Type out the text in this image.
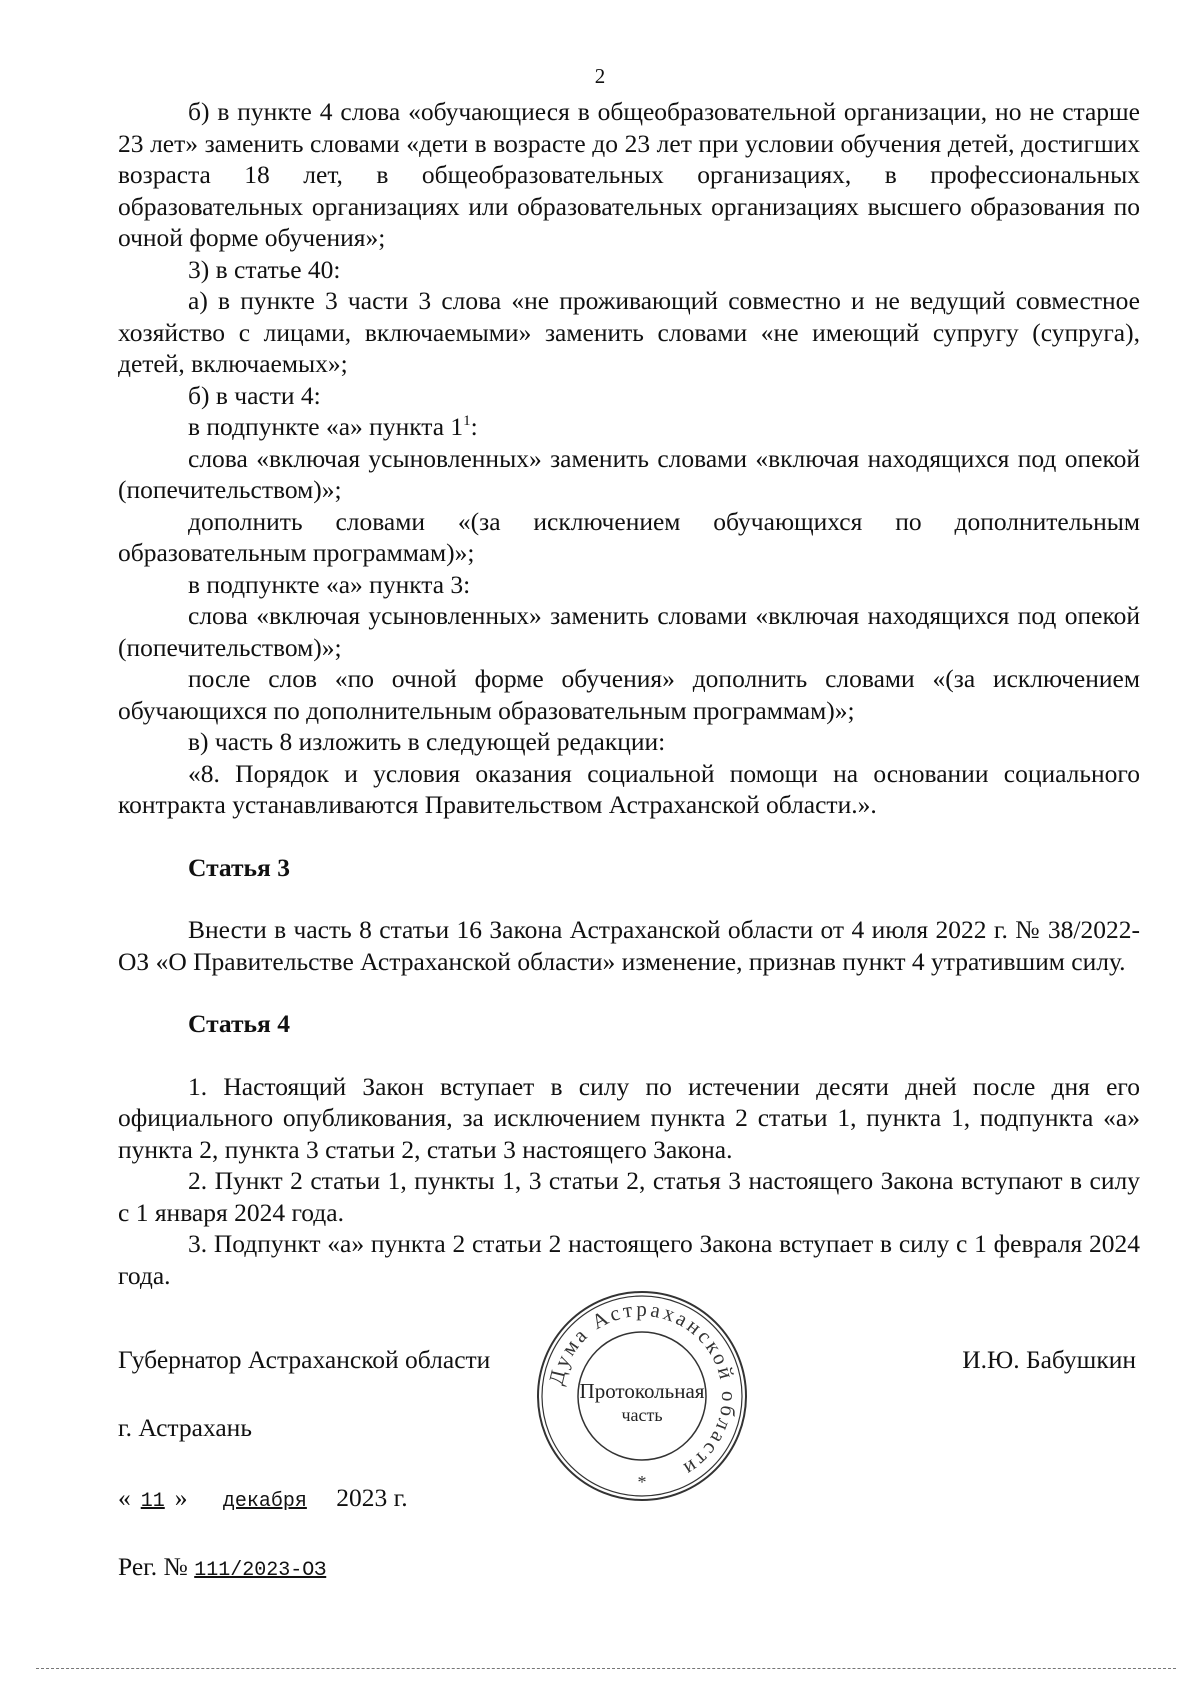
2

б) в пункте 4 слова «обучающиеся в общеобразовательной организации, но не старше 23 лет» заменить словами «дети в возрасте до 23 лет при условии обучения детей, достигших возраста 18 лет, в общеобразовательных организациях, в профессиональных образовательных организациях или образовательных организациях высшего образования по очной форме обучения»;

3) в статье 40:

а) в пункте 3 части 3 слова «не проживающий совместно и не ведущий совместное хозяйство с лицами, включаемыми» заменить словами «не имеющий супругу (супруга), детей, включаемых»;

б) в части 4:

в подпункте «а» пункта $1^1$:

слова «включая усыновленных» заменить словами «включая находящихся под опекой (попечительством)»;

дополнить словами «(за исключением обучающихся по дополнительным образовательным программам)»;

в подпункте «а» пункта 3:

слова «включая усыновленных» заменить словами «включая находящихся под опекой (попечительством)»;

после слов «по очной форме обучения» дополнить словами «(за исключением обучающихся по дополнительным образовательным программам)»;

в) часть 8 изложить в следующей редакции:

«8. Порядок и условия оказания социальной помощи на основании социального контракта устанавливаются Правительством Астраханской области.».

Статья 3

Внести в часть 8 статьи 16 Закона Астраханской области от 4 июля 2022 г. № 38/2022-ОЗ «О Правительстве Астраханской области» изменение, признав пункт 4 утратившим силу.

Статья 4

1. Настоящий Закон вступает в силу по истечении десяти дней после дня его официального опубликования, за исключением пункта 2 статьи 1, пункта 1, подпункта «а» пункта 2, пункта 3 статьи 2, статьи 3 настоящего Закона.

2. Пункт 2 статьи 1, пункты 1, 3 статьи 2, статья 3 настоящего Закона вступают в силу с 1 января 2024 года.

3. Подпункт «а» пункта 2 статьи 2 настоящего Закона вступает в силу с 1 февраля 2024 года.

Дума Астраханской области
*
Протокольная
часть
Губернатор Астраханской области	И.Ю. Бабушкин
г. Астрахань
« 11 » декабря 2023 г.
Рег. № 111/2023-ОЗ
